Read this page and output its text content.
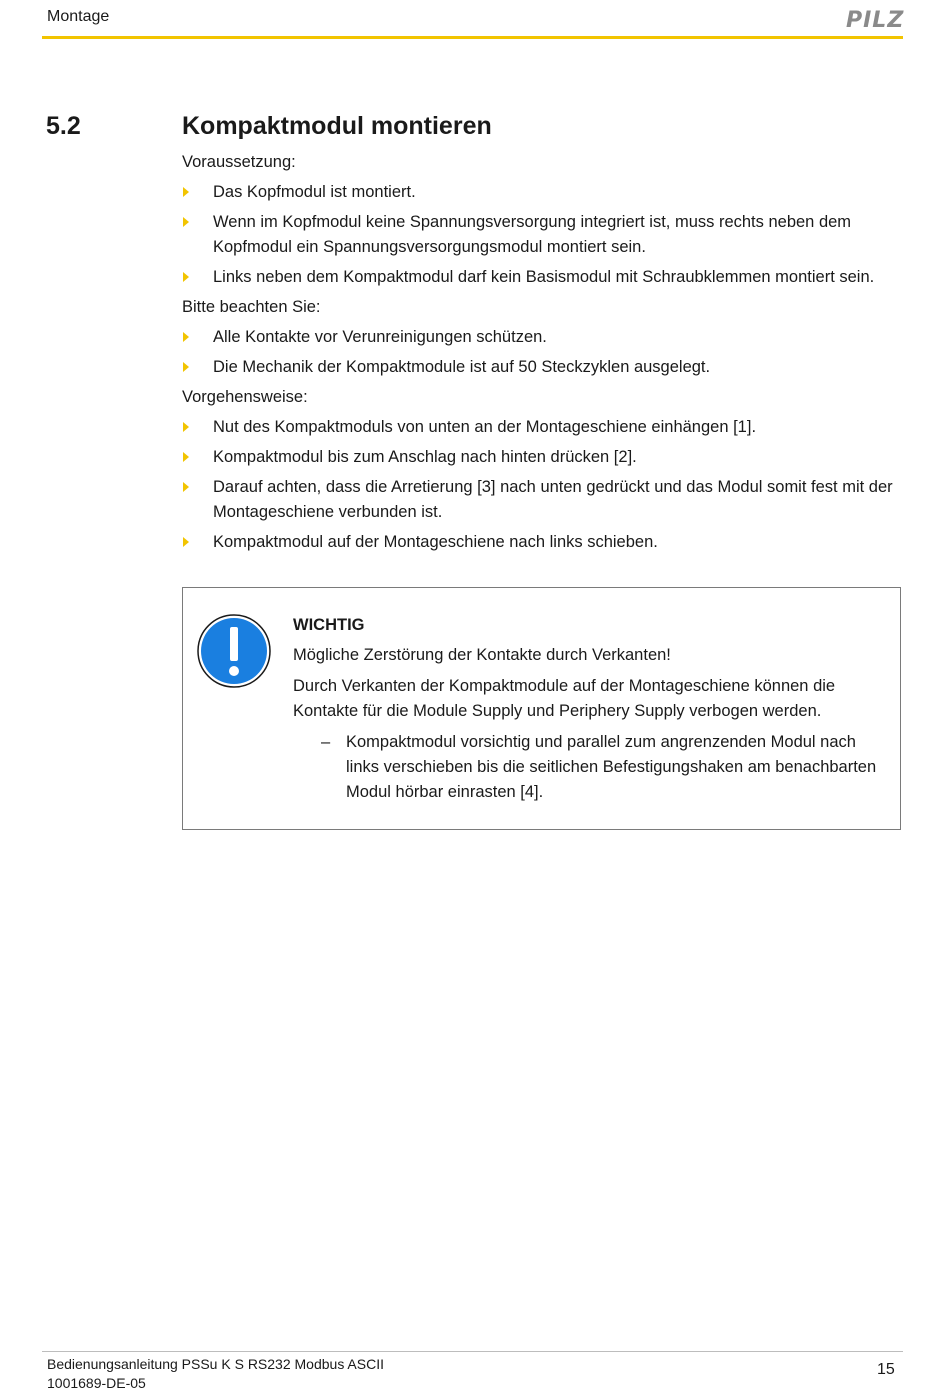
Montage	PILZ
5.2	Kompaktmodul montieren
Voraussetzung:
Das Kopfmodul ist montiert.
Wenn im Kopfmodul keine Spannungsversorgung integriert ist, muss rechts neben dem Kopfmodul ein Spannungsversorgungsmodul montiert sein.
Links neben dem Kompaktmodul darf kein Basismodul mit Schraubklemmen montiert sein.
Bitte beachten Sie:
Alle Kontakte vor Verunreinigungen schützen.
Die Mechanik der Kompaktmodule ist auf 50 Steckzyklen ausgelegt.
Vorgehensweise:
Nut des Kompaktmoduls von unten an der Montageschiene einhängen [1].
Kompaktmodul bis zum Anschlag nach hinten drücken [2].
Darauf achten, dass die Arretierung [3] nach unten gedrückt und das Modul somit fest mit der Montageschiene verbunden ist.
Kompaktmodul auf der Montageschiene nach links schieben.
WICHTIG
Mögliche Zerstörung der Kontakte durch Verkanten!
Durch Verkanten der Kompaktmodule auf der Montageschiene können die Kontakte für die Module Supply und Periphery Supply verbogen werden.
– Kompaktmodul vorsichtig und parallel zum angrenzenden Modul nach links verschieben bis die seitlichen Befestigungshaken am benachbarten Modul hörbar einrasten [4].
Bedienungsanleitung PSSu K S RS232 Modbus ASCII
1001689-DE-05
15
